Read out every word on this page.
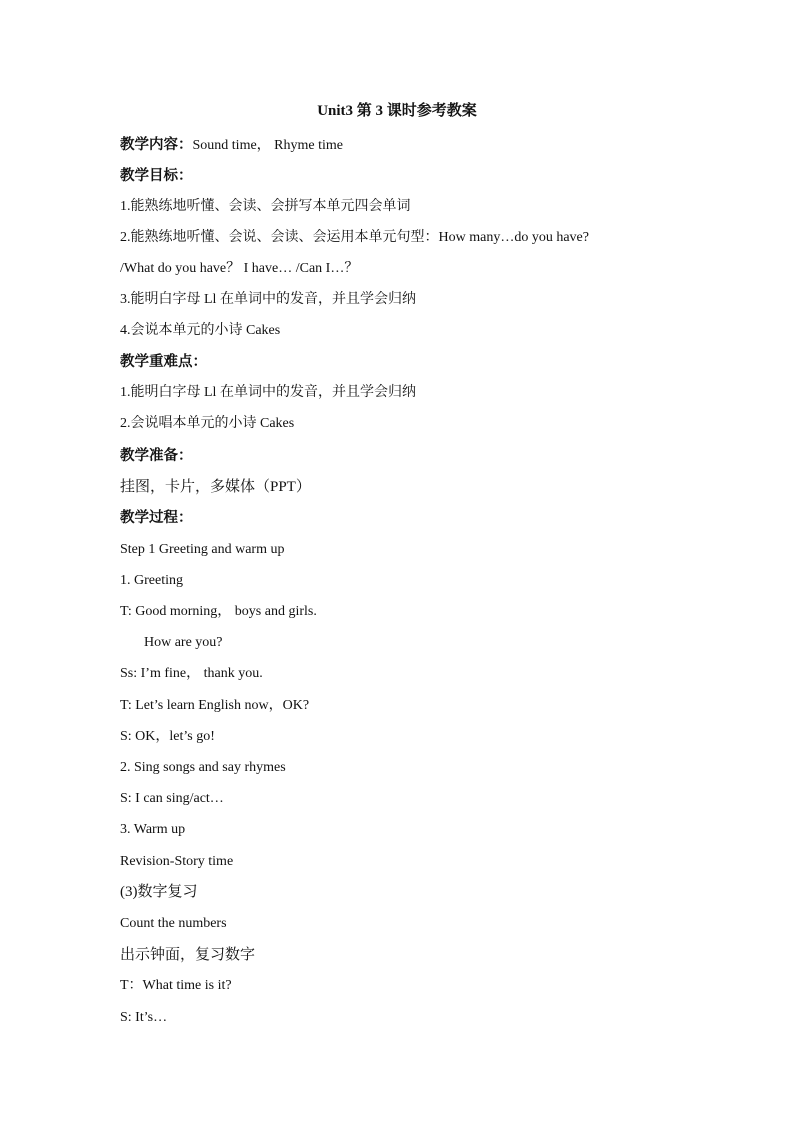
Unit3 第 3 课时参考教案
教学内容：Sound time， Rhyme time
教学目标：
1.能熟练地听懂、会读、会拼写本单元四会单词
2.能熟练地听懂、会说、会读、会运用本单元句型：How many…do you have?
/What do you have？ I have… /Can I…？
3.能明白字母 Ll 在单词中的发音，并且学会归纳
4.会说本单元的小诗 Cakes
教学重难点：
1.能明白字母 Ll 在单词中的发音，并且学会归纳
2.会说唱本单元的小诗 Cakes
教学准备：
挂图，卡片，多媒体（PPT）
教学过程：
Step 1 Greeting and warm up
1. Greeting
T: Good morning， boys and girls.
How are you?
Ss: I’m fine， thank you.
T: Let’s learn English now，OK?
S: OK，let’s go!
2. Sing songs and say rhymes
S: I can sing/act…
3. Warm up
Revision-Story time
(3)数字复习
Count the numbers
出示钟面，复习数字
T：What time is it?
S: It’s…
